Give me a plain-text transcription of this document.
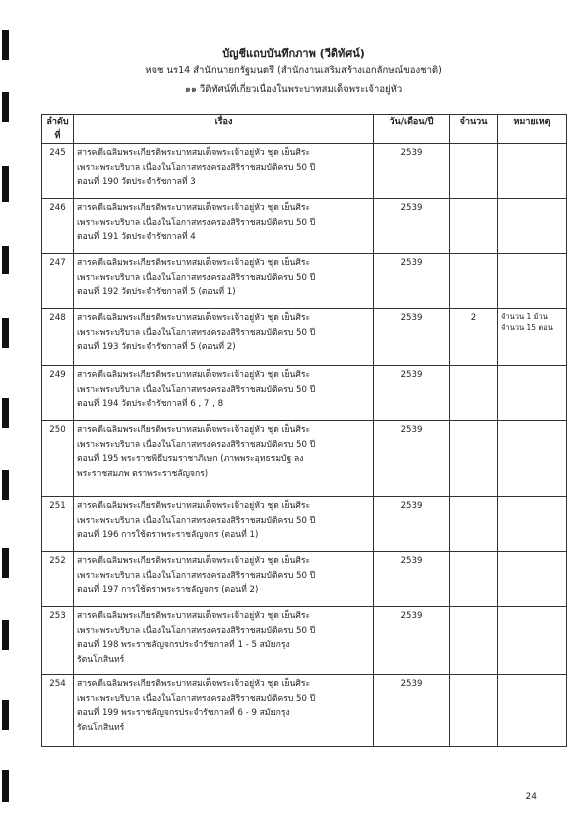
บัญชีแถบบันทึกภาพ (วีดิทัศน์)
หจช นร14 สำนักนายกรัฐมนตรี (สำนักงานเสริมสร้างเอกลักษณ์ของชาติ)
๑๑ วีดิทัศน์ที่เกี่ยวเนื่องในพระบาทสมเด็จพระเจ้าอยู่หัว
ลำดับที่	เรื่อง	วัน/เดือน/ปี	จำนวน	หมายเหตุ
245	สารคดีเฉลิมพระเกียรติพระบาทสมเด็จพระเจ้าอยู่หัว ชุด เย็นศิระ
เพราะพระบริบาล เนื่องในโอกาสทรงครองสิริราชสมบัติครบ 50 ปี
ตอนที่ 190 วัดประจำรัชกาลที่ 3	2539		
246	สารคดีเฉลิมพระเกียรติพระบาทสมเด็จพระเจ้าอยู่หัว ชุด เย็นศิระ
เพราะพระบริบาล เนื่องในโอกาสทรงครองสิริราชสมบัติครบ 50 ปี
ตอนที่ 191 วัดประจำรัชกาลที่ 4	2539		
247	สารคดีเฉลิมพระเกียรติพระบาทสมเด็จพระเจ้าอยู่หัว ชุด เย็นศิระ
เพราะพระบริบาล เนื่องในโอกาสทรงครองสิริราชสมบัติครบ 50 ปี
ตอนที่ 192 วัดประจำรัชกาลที่ 5 (ตอนที่ 1)	2539		
248	สารคดีเฉลิมพระเกียรติพระบาทสมเด็จพระเจ้าอยู่หัว ชุด เย็นศิระ
เพราะพระบริบาล เนื่องในโอกาสทรงครองสิริราชสมบัติครบ 50 ปี
ตอนที่ 193 วัดประจำรัชกาลที่ 5 (ตอนที่ 2)	2539	2	จำนวน 1 ม้วน
จำนวน 15 ตอน

249	สารคดีเฉลิมพระเกียรติพระบาทสมเด็จพระเจ้าอยู่หัว ชุด เย็นศิระ
เพราะพระบริบาล เนื่องในโอกาสทรงครองสิริราชสมบัติครบ 50 ปี
ตอนที่ 194 วัดประจำรัชกาลที่ 6 , 7 , 8	2539		
250	สารคดีเฉลิมพระเกียรติพระบาทสมเด็จพระเจ้าอยู่หัว ชุด เย็นศิระ
เพราะพระบริบาล เนื่องในโอกาสทรงครองสิริราชสมบัติครบ 50 ปี
ตอนที่ 195 พระราชพิธีบรมราชาภิเษก (ภาพพระอุทธรมบัฐ ลง
พระราชสมภพ ตราพระราชลัญจกร)	2539		
251	สารคดีเฉลิมพระเกียรติพระบาทสมเด็จพระเจ้าอยู่หัว ชุด เย็นศิระ
เพราะพระบริบาล เนื่องในโอกาสทรงครองสิริราชสมบัติครบ 50 ปี
ตอนที่ 196 การใช้ตราพระราชลัญจกร (ตอนที่ 1)	2539		
252	สารคดีเฉลิมพระเกียรติพระบาทสมเด็จพระเจ้าอยู่หัว ชุด เย็นศิระ
เพราะพระบริบาล เนื่องในโอกาสทรงครองสิริราชสมบัติครบ 50 ปี
ตอนที่ 197 การใช้ตราพระราชลัญจกร (ตอนที่ 2)	2539		
253	สารคดีเฉลิมพระเกียรติพระบาทสมเด็จพระเจ้าอยู่หัว ชุด เย็นศิระ
เพราะพระบริบาล เนื่องในโอกาสทรงครองสิริราชสมบัติครบ 50 ปี
ตอนที่ 198 พระราชลัญจกรประจำรัชกาลที่ 1 - 5 สมัยกรุง
รัตนโกสินทร์	2539		
254	สารคดีเฉลิมพระเกียรติพระบาทสมเด็จพระเจ้าอยู่หัว ชุด เย็นศิระ
เพราะพระบริบาล เนื่องในโอกาสทรงครองสิริราชสมบัติครบ 50 ปี
ตอนที่ 199 พระราชลัญจกรประจำรัชกาลที่ 6 - 9 สมัยกรุง
รัตนโกสินทร์	2539		
24
